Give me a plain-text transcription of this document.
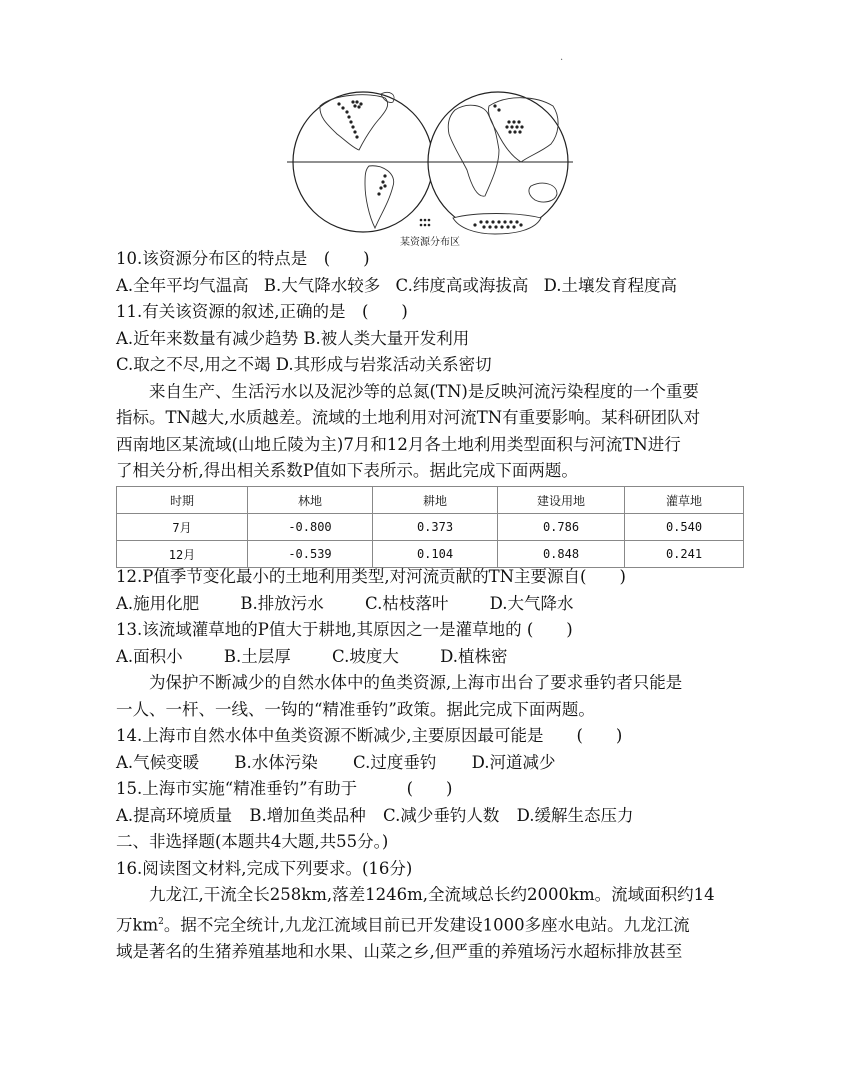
.
某资源分布区
10.该资源分布区的特点是　(　　)
A.全年平均气温高 B.大气降水较多 C.纬度高或海拔高 D.土壤发育程度高
11.有关该资源的叙述,正确的是　(　　)
A.近年来数量有减少趋势 B.被人类大量开发利用
C.取之不尽,用之不竭 D.其形成与岩浆活动关系密切
来自生产、生活污水以及泥沙等的总氮(TN)是反映河流污染程度的一个重要
指标。TN越大,水质越差。流域的土地利用对河流TN有重要影响。某科研团队对
西南地区某流域(山地丘陵为主)7月和12月各土地利用类型面积与河流TN进行
了相关分析,得出相关系数P值如下表所示。据此完成下面两题。
时期	林地	耕地	建设用地	灌草地
7月	-0.800	0.373	0.786	0.540
12月	-0.539	0.104	0.848	0.241
12.P值季节变化最小的土地利用类型,对河流贡献的TN主要源自(　　)
A.施用化肥	B.排放污水	C.枯枝落叶	D.大气降水
13.该流域灌草地的P值大于耕地,其原因之一是灌草地的 (　　)
A.面积小	B.土层厚	C.坡度大	D.植株密
为保护不断减少的自然水体中的鱼类资源,上海市出台了要求垂钓者只能是
一人、一杆、一线、一钩的“精准垂钓”政策。据此完成下面两题。
14.上海市自然水体中鱼类资源不断减少,主要原因最可能是　　(　　)
A.气候变暖 B.水体污染 C.过度垂钓 D.河道减少
15.上海市实施“精准垂钓”有助于　　　(　　)
A.提高环境质量 B.增加鱼类品种 C.减少垂钓人数 D.缓解生态压力
二、非选择题(本题共4大题,共55分。)
16.阅读图文材料,完成下列要求。(16分)
九龙江,干流全长258km,落差1246m,全流域总长约2000km。流域面积约14
万$km^2$。据不完全统计,九龙江流域目前已开发建设1000多座水电站。九龙江流
域是著名的生猪养殖基地和水果、山菜之乡,但严重的养殖场污水超标排放甚至
